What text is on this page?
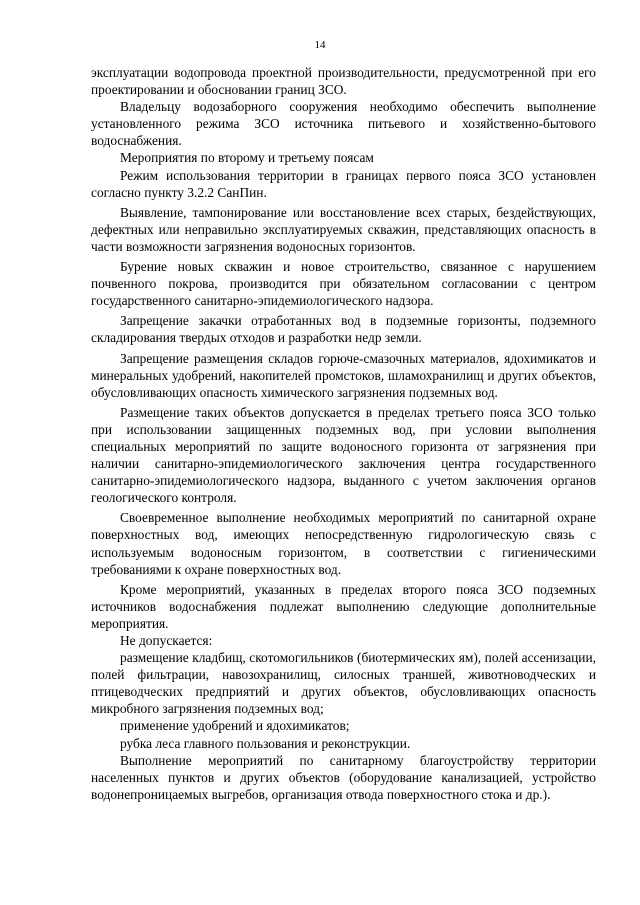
14

эксплуатации водопровода проектной производительности, предусмотренной при его проектировании и обосновании границ ЗСО.

Владельцу водозаборного сооружения необходимо обеспечить выполнение установленного режима ЗСО источника питьевого и хозяйственно-бытового водоснабжения.

Мероприятия по второму и третьему поясам

Режим использования территории в границах первого пояса ЗСО установлен согласно пункту 3.2.2 СанПин.

Выявление, тампонирование или восстановление всех старых, бездействующих, дефектных или неправильно эксплуатируемых скважин, представляющих опасность в части возможности загрязнения водоносных горизонтов.

Бурение новых скважин и новое строительство, связанное с нарушением почвенного покрова, производится при обязательном согласовании с центром государственного санитарно-эпидемиологического надзора.

Запрещение закачки отработанных вод в подземные горизонты, подземного складирования твердых отходов и разработки недр земли.

Запрещение размещения складов горюче-смазочных материалов, ядохимикатов и минеральных удобрений, накопителей промстоков, шламохранилищ и других объектов, обусловливающих опасность химического загрязнения подземных вод.

Размещение таких объектов допускается в пределах третьего пояса ЗСО только при использовании защищенных подземных вод, при условии выполнения специальных мероприятий по защите водоносного горизонта от загрязнения при наличии санитарно-эпидемиологического заключения центра государственного санитарно-эпидемиологического надзора, выданного с учетом заключения органов геологического контроля.

Своевременное выполнение необходимых мероприятий по санитарной охране поверхностных вод, имеющих непосредственную гидрологическую связь с используемым водоносным горизонтом, в соответствии с гигиеническими требованиями к охране поверхностных вод.

Кроме мероприятий, указанных в пределах второго пояса ЗСО подземных источников водоснабжения подлежат выполнению следующие дополнительные мероприятия.

Не допускается:

размещение кладбищ, скотомогильников (биотермических ям), полей ассенизации, полей фильтрации, навозохранилищ, силосных траншей, животноводческих и птицеводческих предприятий и других объектов, обусловливающих опасность микробного загрязнения подземных вод;

применение удобрений и ядохимикатов;

рубка леса главного пользования и реконструкции.

Выполнение мероприятий по санитарному благоустройству территории населенных пунктов и других объектов (оборудование канализацией, устройство водонепроницаемых выгребов, организация отвода поверхностного стока и др.).
